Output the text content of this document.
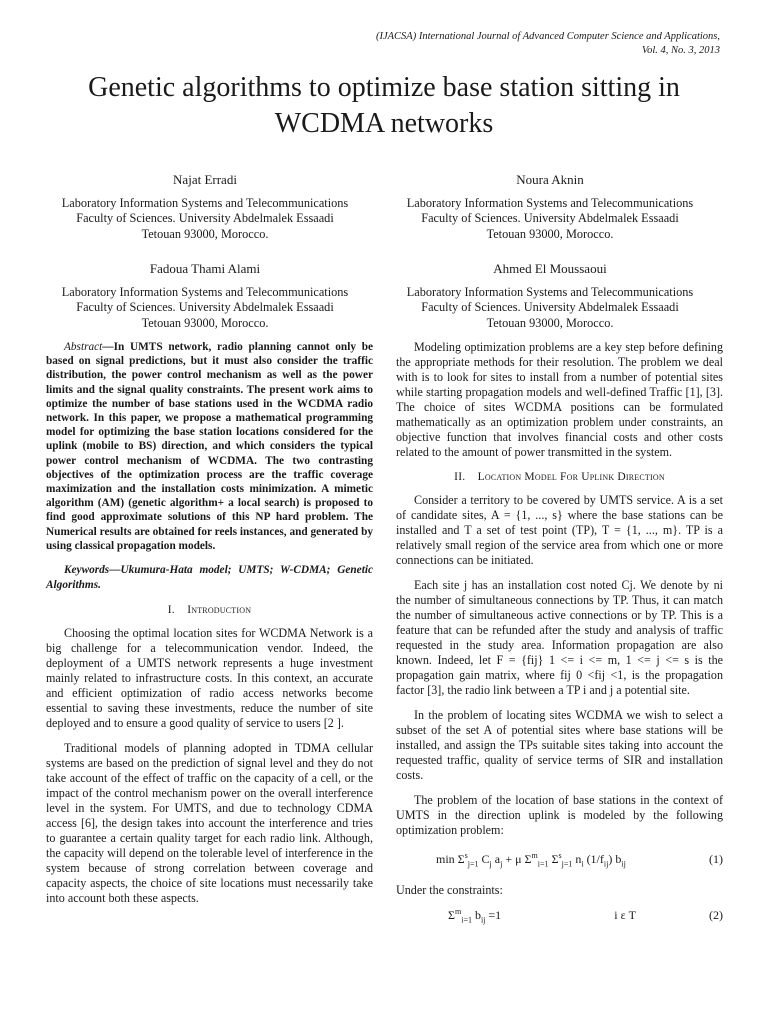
(IJACSA) International Journal of Advanced Computer Science and Applications,
Vol. 4, No. 3, 2013
Genetic algorithms to optimize base station sitting in WCDMA networks
Najat Erradi
Laboratory Information Systems and Telecommunications
Faculty of Sciences. University Abdelmalek Essaadi
Tetouan 93000, Morocco.
Noura Aknin
Laboratory Information Systems and Telecommunications
Faculty of Sciences. University Abdelmalek Essaadi
Tetouan 93000, Morocco.
Fadoua Thami Alami
Laboratory Information Systems and Telecommunications
Faculty of Sciences. University Abdelmalek Essaadi
Tetouan 93000, Morocco.
Ahmed El Moussaoui
Laboratory Information Systems and Telecommunications
Faculty of Sciences. University Abdelmalek Essaadi
Tetouan 93000, Morocco.

Abstract—In UMTS network, radio planning cannot only be based on signal predictions, but it must also consider the traffic distribution, the power control mechanism as well as the power limits and the signal quality constraints. The present work aims to optimize the number of base stations used in the WCDMA radio network. In this paper, we propose a mathematical programming model for optimizing the base station locations considered for the uplink (mobile to BS) direction, and which considers the typical power control mechanism of WCDMA. The two contrasting objectives of the optimization process are the traffic coverage maximization and the installation costs minimization. A mimetic algorithm (AM) (genetic algorithm+ a local search) is proposed to find good approximate solutions of this NP hard problem. The Numerical results are obtained for reels instances, and generated by using classical propagation models.

Keywords—Ukumura-Hata model; UMTS; W-CDMA; Genetic Algorithms.

I. Introduction

Choosing the optimal location sites for WCDMA Network is a big challenge for a telecommunication vendor. Indeed, the deployment of a UMTS network represents a huge investment mainly related to infrastructure costs. In this context, an accurate and efficient optimization of radio access networks become essential to saving these investments, reduce the number of site deployed and to ensure a good quality of service to users [2 ].

Traditional models of planning adopted in TDMA cellular systems are based on the prediction of signal level and they do not take account of the effect of traffic on the capacity of a cell, or the impact of the control mechanism power on the overall interference level in the system. For UMTS, and due to technology CDMA access [6], the design takes into account the interference and tries to guarantee a certain quality target for each radio link. Although, the capacity will depend on the tolerable level of interference in the system because of strong correlation between coverage and capacity aspects, the choice of site locations must necessarily take into account both these aspects.

Modeling optimization problems are a key step before defining the appropriate methods for their resolution. The problem we deal with is to look for sites to install from a number of potential sites while starting propagation models and well-defined Traffic [1], [3]. The choice of sites WCDMA positions can be formulated mathematically as an optimization problem under constraints, an objective function that involves financial costs and other costs related to the amount of power transmitted in the system.

II. Location Model For Uplink Direction

Consider a territory to be covered by UMTS service. A is a set of candidate sites, A = {1, ..., s} where the base stations can be installed and T a set of test point (TP), T = {1, ..., m}. TP is a relatively small region of the service area from which one or more connections can be initiated.

Each site j has an installation cost noted Cj. We denote by ni the number of simultaneous connections by TP. Thus, it can match the number of simultaneous active connections or by TP. This is a feature that can be refunded after the study and analysis of traffic requested in the study area. Information propagation are also known. Indeed, let F = {fij} 1 <= i <= m, 1 <= j <= s is the propagation gain matrix, where fij 0 <fij <1, is the propagation factor [3], the radio link between a TP i and j a potential site.

In the problem of locating sites WCDMA we wish to select a subset of the set A of potential sites where base stations will be installed, and assign the TPs suitable sites taking into account the requested traffic, quality of service terms of SIR and installation costs.

The problem of the location of base stations in the context of UMTS in the direction uplink is modeled by the following optimization problem:

$\min \Sigma^s_{j=1}$ $C_j$ $a_j + \mu$ $\Sigma^m_{i=1}$ $\Sigma^s_{j=1}$ $n_i$ $(1/f_{ij})$ $b_{ij}$	(1)

Under the constraints:

$\Sigma^m_{i=1}$ $b_{ij} =1$	i ε T	(2)
